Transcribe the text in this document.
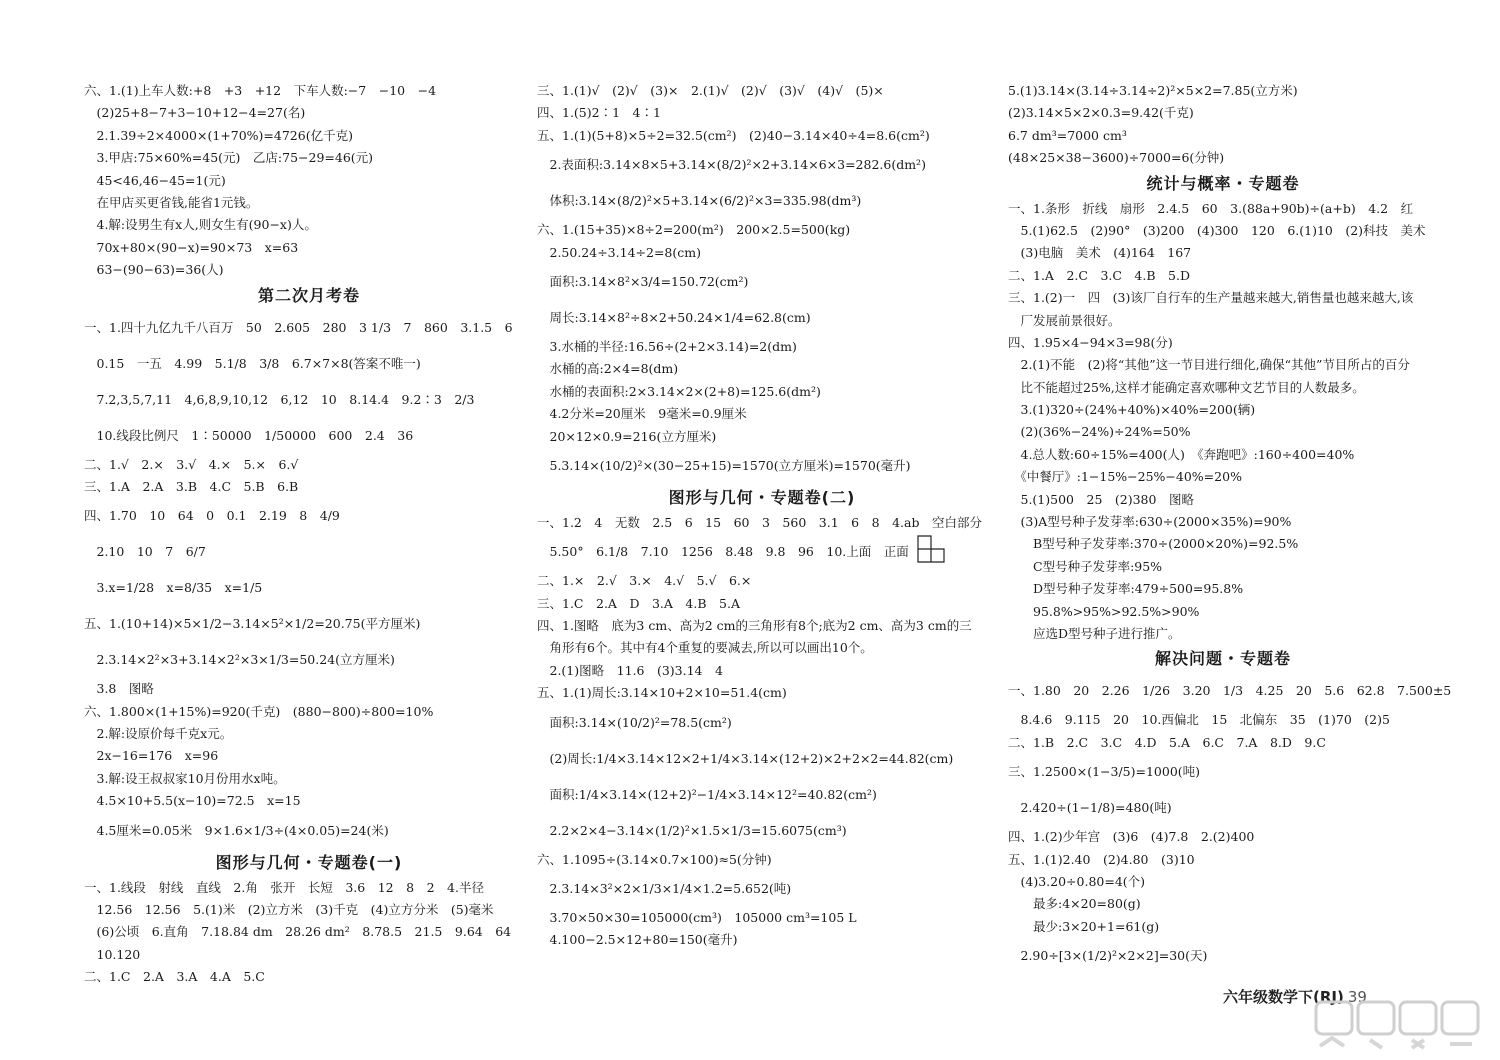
六、1.(1)上车人数:+8　+3　+12　下车人数:−7　−10　−4
　(2)25+8−7+3−10+12−4=27(名)
　2.1.39÷2×4000×(1+70%)=4726(亿千克)
　3.甲店:75×60%=45(元)　乙店:75−29=46(元)
　45<46,46−45=1(元)
　在甲店买更省钱,能省1元钱。
　4.解:设男生有x人,则女生有(90−x)人。
　70x+80×(90−x)=90×73　x=63
　63−(90−63)=36(人)
第二次月考卷
一、1.四十九亿九千八百万　50　2.605　280　3 1/3　7　860　3.1.5　6
　0.15　一五　4.99　5.1/8　3/8　6.7×7×8(答案不唯一)
　7.2,3,5,7,11　4,6,8,9,10,12　6,12　10　8.14.4　9.2∶3　2/3
　10.线段比例尺　1∶50000　1/50000　600　2.4　36
二、1.√　2.×　3.√　4.×　5.×　6.√
三、1.A　2.A　3.B　4.C　5.B　6.B
四、1.70　10　64　0　0.1　2.19　8　4/9
　2.10　10　7　6/7
　3.x=1/28　x=8/35　x=1/5
五、1.(10+14)×5×1/2−3.14×5²×1/2=20.75(平方厘米)
　2.3.14×2²×3+3.14×2²×3×1/3=50.24(立方厘米)
　3.8　图略
六、1.800×(1+15%)=920(千克)　(880−800)÷800=10%
　2.解:设原价每千克x元。
　2x−16=176　x=96
　3.解:设王叔叔家10月份用水x吨。
　4.5×10+5.5(x−10)=72.5　x=15
　4.5厘米=0.05米　9×1.6×1/3÷(4×0.05)=24(米)
图形与几何・专题卷(一)
一、1.线段　射线　直线　2.角　张开　长短　3.6　12　8　2　4.半径
　12.56　12.56　5.(1)米　(2)立方米　(3)千克　(4)立方分米　(5)毫米
　(6)公顷　6.直角　7.18.84 dm　28.26 dm²　8.78.5　21.5　9.64　64
　10.120
二、1.C　2.A　3.A　4.A　5.C
三、1.(1)√　(2)√　(3)×　2.(1)√　(2)√　(3)√　(4)√　(5)×
四、1.(5)2∶1　4∶1
五、1.(1)(5+8)×5÷2=32.5(cm²)　(2)40−3.14×40÷4=8.6(cm²)
　2.表面积:3.14×8×5+3.14×(8/2)²×2+3.14×6×3=282.6(dm²)
　体积:3.14×(8/2)²×5+3.14×(6/2)²×3=335.98(dm³)
六、1.(15+35)×8÷2=200(m²)　200×2.5=500(kg)
　2.50.24÷3.14÷2=8(cm)
　面积:3.14×8²×3/4=150.72(cm²)
　周长:3.14×8²÷8×2+50.24×1/4=62.8(cm)
　3.水桶的半径:16.56÷(2+2×3.14)=2(dm)
　水桶的高:2×4=8(dm)
　水桶的表面积:2×3.14×2×(2+8)=125.6(dm²)
　4.2分米=20厘米　9毫米=0.9厘米
　20×12×0.9=216(立方厘米)
　5.3.14×(10/2)²×(30−25+15)=1570(立方厘米)=1570(毫升)
图形与几何・专题卷(二)
一、1.2　4　无数　2.5　6　15　60　3　560　3.1　6　8　4.ab　空白部分
　5.50°　6.1/8　7.10　1256　8.48　9.8　96　10.上面　正面
二、1.×　2.√　3.×　4.√　5.√　6.×
三、1.C　2.A　D　3.A　4.B　5.A
四、1.图略　底为3 cm、高为2 cm的三角形有8个;底为2 cm、高为3 cm的三
　角形有6个。其中有4个重复的要减去,所以可以画出10个。
　2.(1)图略　11.6　(3)3.14　4
五、1.(1)周长:3.14×10+2×10=51.4(cm)
　面积:3.14×(10/2)²=78.5(cm²)
　(2)周长:1/4×3.14×12×2+1/4×3.14×(12+2)×2+2×2=44.82(cm)
　面积:1/4×3.14×(12+2)²−1/4×3.14×12²=40.82(cm²)
　2.2×2×4−3.14×(1/2)²×1.5×1/3=15.6075(cm³)
六、1.1095÷(3.14×0.7×100)≈5(分钟)
　2.3.14×3²×2×1/3×1/4×1.2=5.652(吨)
　3.70×50×30=105000(cm³)　105000 cm³=105 L
　4.100−2.5×12+80=150(毫升)
5.(1)3.14×(3.14÷3.14÷2)²×5×2=7.85(立方米)
(2)3.14×5×2×0.3=9.42(千克)
6.7 dm³=7000 cm³
(48×25×38−3600)÷7000=6(分钟)
统计与概率・专题卷
一、1.条形　折线　扇形　2.4.5　60　3.(88a+90b)÷(a+b)　4.2　红
　5.(1)62.5　(2)90°　(3)200　(4)300　120　6.(1)10　(2)科技　美术
　(3)电脑　美术　(4)164　167
二、1.A　2.C　3.C　4.B　5.D
三、1.(2)一　四　(3)该厂自行车的生产量越来越大,销售量也越来越大,该
　厂发展前景很好。
四、1.95×4−94×3=98(分)
　2.(1)不能　(2)将“其他”这一节目进行细化,确保“其他”节目所占的百分
　比不能超过25%,这样才能确定喜欢哪种文艺节目的人数最多。
　3.(1)320÷(24%+40%)×40%=200(辆)
　(2)(36%−24%)÷24%=50%
　4.总人数:60÷15%=400(人)　《奔跑吧》:160÷400=40%
　《中餐厅》:1−15%−25%−40%=20%
　5.(1)500　25　(2)380　图略
　(3)A型号种子发芽率:630÷(2000×35%)=90%
　　B型号种子发芽率:370÷(2000×20%)=92.5%
　　C型号种子发芽率:95%
　　D型号种子发芽率:479÷500=95.8%
　　95.8%>95%>92.5%>90%
　　应选D型号种子进行推广。
解决问题・专题卷
一、1.80　20　2.26　1/26　3.20　1/3　4.25　20　5.6　62.8　7.500±5
　8.4.6　9.115　20　10.西偏北　15　北偏东　35　(1)70　(2)5
二、1.B　2.C　3.C　4.D　5.A　6.C　7.A　8.D　9.C
三、1.2500×(1−3/5)=1000(吨)
　2.420÷(1−1/8)=480(吨)
四、1.(2)少年宫　(3)6　(4)7.8　2.(2)400
五、1.(1)2.40　(2)4.80　(3)10
　(4)3.20÷0.80=4(个)
　　最多:4×20=80(g)
　　最少:3×20+1=61(g)
　2.90÷[3×(1/2)²×2×2]=30(天)
六年级数学下(RJ) 39
